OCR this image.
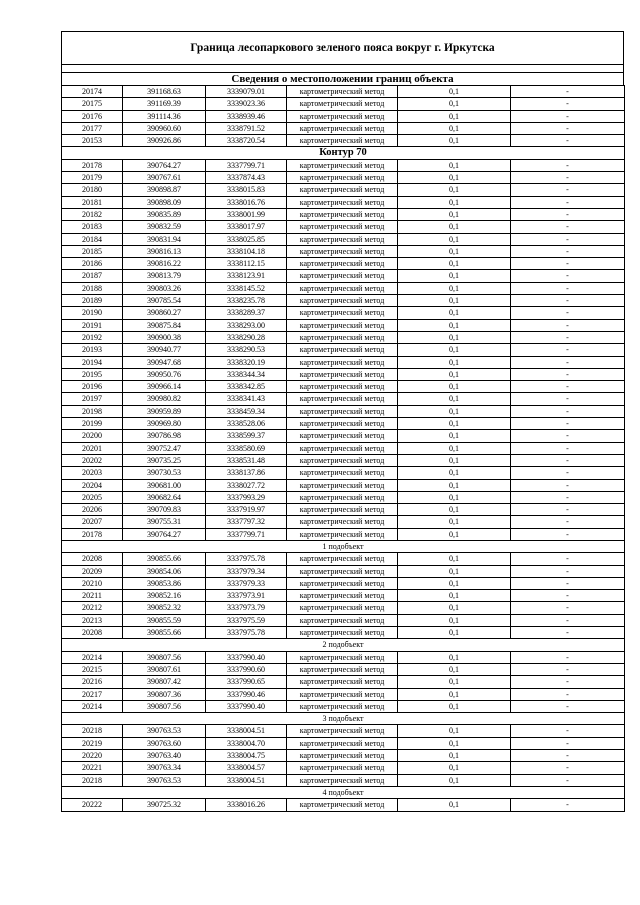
Граница лесопаркового зеленого пояса вокруг г. Иркутска
Сведения о местоположении границ объекта
20174	391168.63	3339079.01	картометрический метод	0,1	-
20175	391169.39	3339023.36	картометрический метод	0,1	-
20176	391114.36	3338939.46	картометрический метод	0,1	-
20177	390960.60	3338791.52	картометрический метод	0,1	-
20153	390926.86	3338720.54	картометрический метод	0,1	-
Контур 70					
20178	390764.27	3337799.71	картометрический метод	0,1	-
20179	390767.61	3337874.43	картометрический метод	0,1	-
20180	390898.87	3338015.83	картометрический метод	0,1	-
20181	390898.09	3338016.76	картометрический метод	0,1	-
20182	390835.89	3338001.99	картометрический метод	0,1	-
20183	390832.59	3338017.97	картометрический метод	0,1	-
20184	390831.94	3338025.85	картометрический метод	0,1	-
20185	390816.13	3338104.18	картометрический метод	0,1	-
20186	390816.22	3338112.15	картометрический метод	0,1	-
20187	390813.79	3338123.91	картометрический метод	0,1	-
20188	390803.26	3338145.52	картометрический метод	0,1	-
20189	390785.54	3338235.78	картометрический метод	0,1	-
20190	390860.27	3338289.37	картометрический метод	0,1	-
20191	390875.84	3338293.00	картометрический метод	0,1	-
20192	390900.38	3338290.28	картометрический метод	0,1	-
20193	390940.77	3338290.53	картометрический метод	0,1	-
20194	390947.68	3338320.19	картометрический метод	0,1	-
20195	390950.76	3338344.34	картометрический метод	0,1	-
20196	390966.14	3338342.85	картометрический метод	0,1	-
20197	390980.82	3338341.43	картометрический метод	0,1	-
20198	390959.89	3338459.34	картометрический метод	0,1	-
20199	390969.80	3338528.06	картометрический метод	0,1	-
20200	390786.98	3338599.37	картометрический метод	0,1	-
20201	390752.47	3338580.69	картометрический метод	0,1	-
20202	390735.25	3338531.48	картометрический метод	0,1	-
20203	390730.53	3338137.86	картометрический метод	0,1	-
20204	390681.00	3338027.72	картометрический метод	0,1	-
20205	390682.64	3337993.29	картометрический метод	0,1	-
20206	390709.83	3337919.97	картометрический метод	0,1	-
20207	390755.31	3337797.32	картометрический метод	0,1	-
20178	390764.27	3337799.71	картометрический метод	0,1	-
1 подобъект					
20208	390855.66	3337975.78	картометрический метод	0,1	-
20209	390854.06	3337979.34	картометрический метод	0,1	-
20210	390853.86	3337979.33	картометрический метод	0,1	-
20211	390852.16	3337973.91	картометрический метод	0,1	-
20212	390852.32	3337973.79	картометрический метод	0,1	-
20213	390855.59	3337975.59	картометрический метод	0,1	-
20208	390855.66	3337975.78	картометрический метод	0,1	-
2 подобъект					
20214	390807.56	3337990.40	картометрический метод	0,1	-
20215	390807.61	3337990.60	картометрический метод	0,1	-
20216	390807.42	3337990.65	картометрический метод	0,1	-
20217	390807.36	3337990.46	картометрический метод	0,1	-
20214	390807.56	3337990.40	картометрический метод	0,1	-
3 подобъект					
20218	390763.53	3338004.51	картометрический метод	0,1	-
20219	390763.60	3338004.70	картометрический метод	0,1	-
20220	390763.40	3338004.75	картометрический метод	0,1	-
20221	390763.34	3338004.57	картометрический метод	0,1	-
20218	390763.53	3338004.51	картометрический метод	0,1	-
4 подобъект					
20222	390725.32	3338016.26	картометрический метод	0,1	-
